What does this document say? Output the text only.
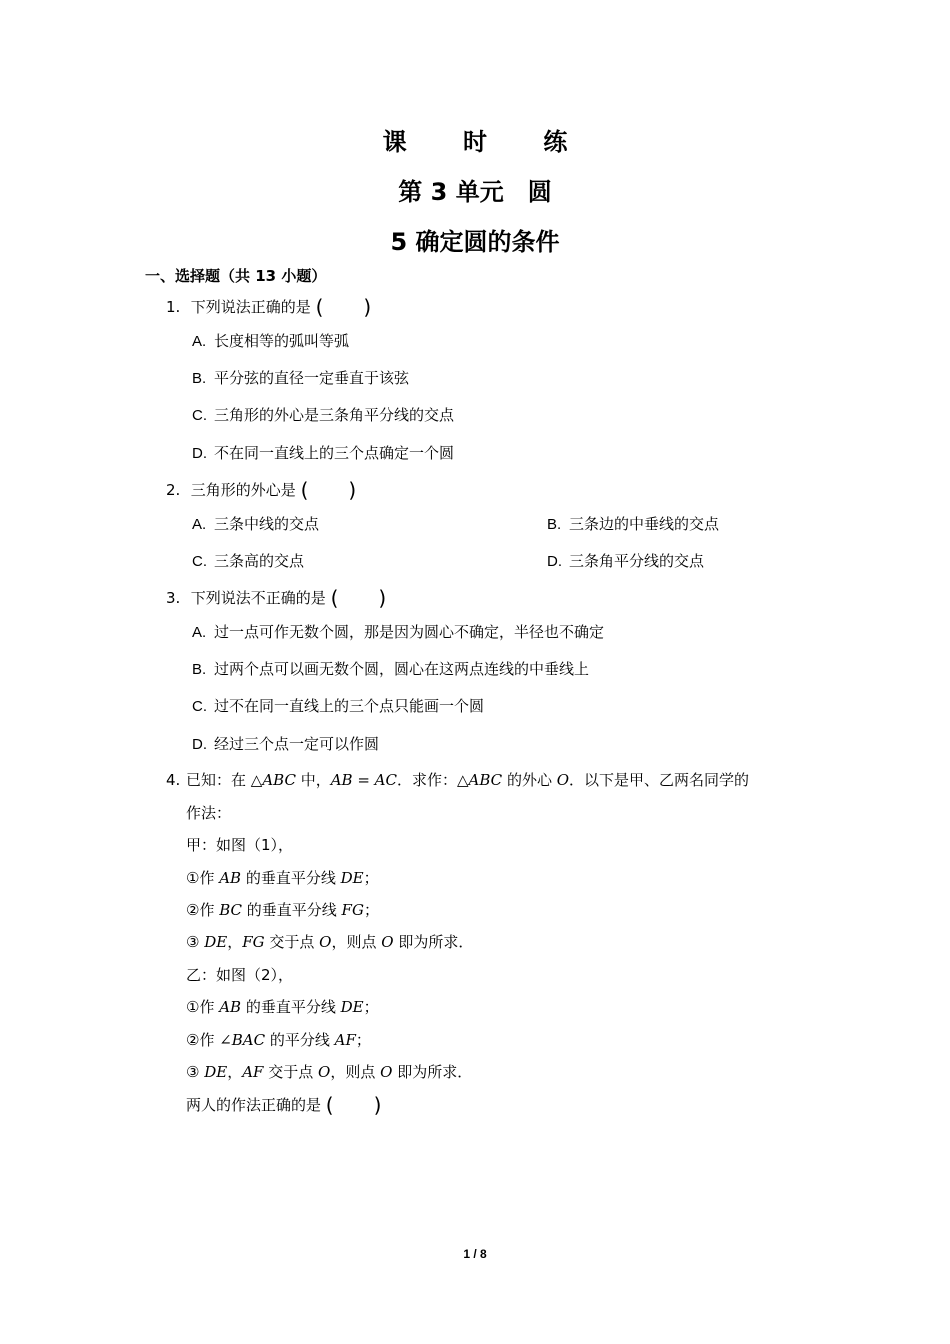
课 时 练
第 3 单元　圆
5 确定圆的条件
一、选择题（共 13 小题）
1. 下列说法正确的是 (　　)
A. 长度相等的弧叫等弧
B. 平分弦的直径一定垂直于该弦
C. 三角形的外心是三条角平分线的交点
D. 不在同一直线上的三个点确定一个圆
2. 三角形的外心是 (　　)
A. 三条中线的交点	B. 三条边的中垂线的交点
C. 三条高的交点	D. 三条角平分线的交点
3. 下列说法不正确的是 (　　)
A. 过一点可作无数个圆，那是因为圆心不确定，半径也不确定
B. 过两个点可以画无数个圆，圆心在这两点连线的中垂线上
C. 过不在同一直线上的三个点只能画一个圆
D. 经过三个点一定可以作圆
4. 已知：在 △ABC 中，AB = AC．求作：△ABC 的外心 O．以下是甲、乙两名同学的
作法：
甲：如图（1），
①作 AB 的垂直平分线 DE；
②作 BC 的垂直平分线 FG；
③ DE，FG 交于点 O，则点 O 即为所求．
乙：如图（2），
①作 AB 的垂直平分线 DE；
②作 ∠BAC 的平分线 AF；
③ DE，AF 交于点 O，则点 O 即为所求．
两人的作法正确的是 (　　)
1 / 8
